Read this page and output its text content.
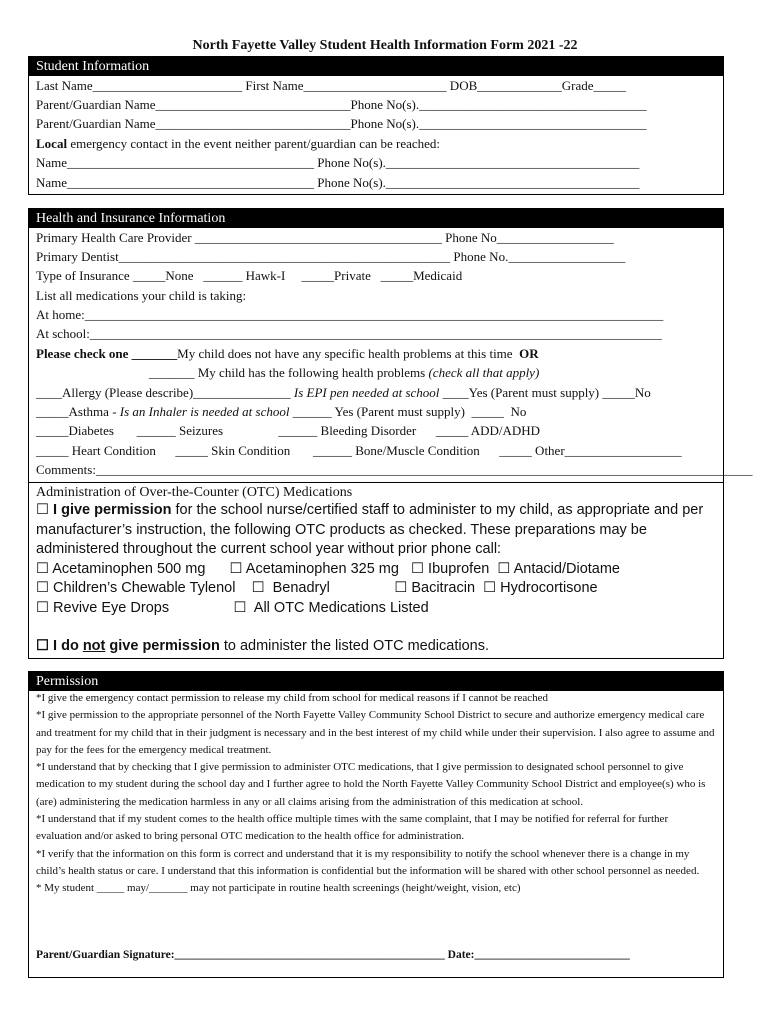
North Fayette Valley Student Health Information Form 2021 -22
Student Information
Last Name_______________________ First Name______________________ DOB_____________Grade_____
Parent/Guardian Name______________________________Phone No(s).___________________________________
Parent/Guardian Name______________________________Phone No(s).___________________________________
Local emergency contact in the event neither parent/guardian can be reached:
Name______________________________________ Phone No(s)._______________________________________
Name______________________________________ Phone No(s)._______________________________________
Health and Insurance Information
Primary Health Care Provider ______________________________________ Phone No__________________
Primary Dentist___________________________________________________ Phone No.__________________
Type of Insurance _____None   ______ Hawk-I     _____Private   _____Medicaid
List all medications your child is taking:
At home:_________________________________________________________________________________________
At school:________________________________________________________________________________________
Please check one _______My child does not have any specific health problems at this time OR
_______ My child has the following health problems (check all that apply)
____Allergy (Please describe)_______________ Is EPI pen needed at school ____Yes (Parent must supply) _____No
_____Asthma - Is an Inhaler is needed at school ______ Yes (Parent must supply)  _____  No
_____Diabetes       ______ Seizures                 ______ Bleeding Disorder      _____ ADD/ADHD
_____ Heart Condition      _____ Skin Condition       ______ Bone/Muscle Condition      _____ Other__________________
Comments:_____________________________________________________________________________________________________
Administration of Over-the-Counter (OTC) Medications
☐ I give permission for the school nurse/certified staff to administer to my child, as appropriate and per
manufacturer’s instruction, the following OTC products as checked. These preparations may be
administered throughout the current school year without prior phone call:
☐ Acetaminophen 500 mg      ☐ Acetaminophen 325 mg   ☐ Ibuprofen  ☐ Antacid/Diotame
☐ Children’s Chewable Tylenol    ☐  Benadryl                ☐ Bacitracin  ☐ Hydrocortisone
☐ Revive Eye Drops                ☐  All OTC Medications Listed
☐ I do not give permission to administer the listed OTC medications.
Permission

*I give the emergency contact permission to release my child from school for medical reasons if I cannot be reached

*I give permission to the appropriate personnel of the North Fayette Valley Community School District to secure and authorize emergency medical care and treatment for my child that in their judgment is necessary and in the best interest of my child while under their supervision. I also agree to assume and pay for the fees for the emergency medical treatment.

*I understand that by checking that I give permission to administer OTC medications, that I give permission to designated school personnel to give medication to my student during the school day and I further agree to hold the North Fayette Valley Community School District and employee(s) who is (are) administering the medication harmless in any or all claims arising from the administration of this medication at school.

*I understand that if my student comes to the health office multiple times with the same complaint, that I may be notified for referral for further evaluation and/or asked to bring personal OTC medication to the health office for administration.

*I verify that the information on this form is correct and understand that it is my responsibility to notify the school whenever there is a change in my child’s health status or care. I understand that this information is confidential but the information will be shared with other school personnel as needed.

* My student _____ may/_______ may not participate in routine health screenings (height/weight, vision, etc)

Parent/Guardian Signature:_______________________________________________ Date:___________________________
